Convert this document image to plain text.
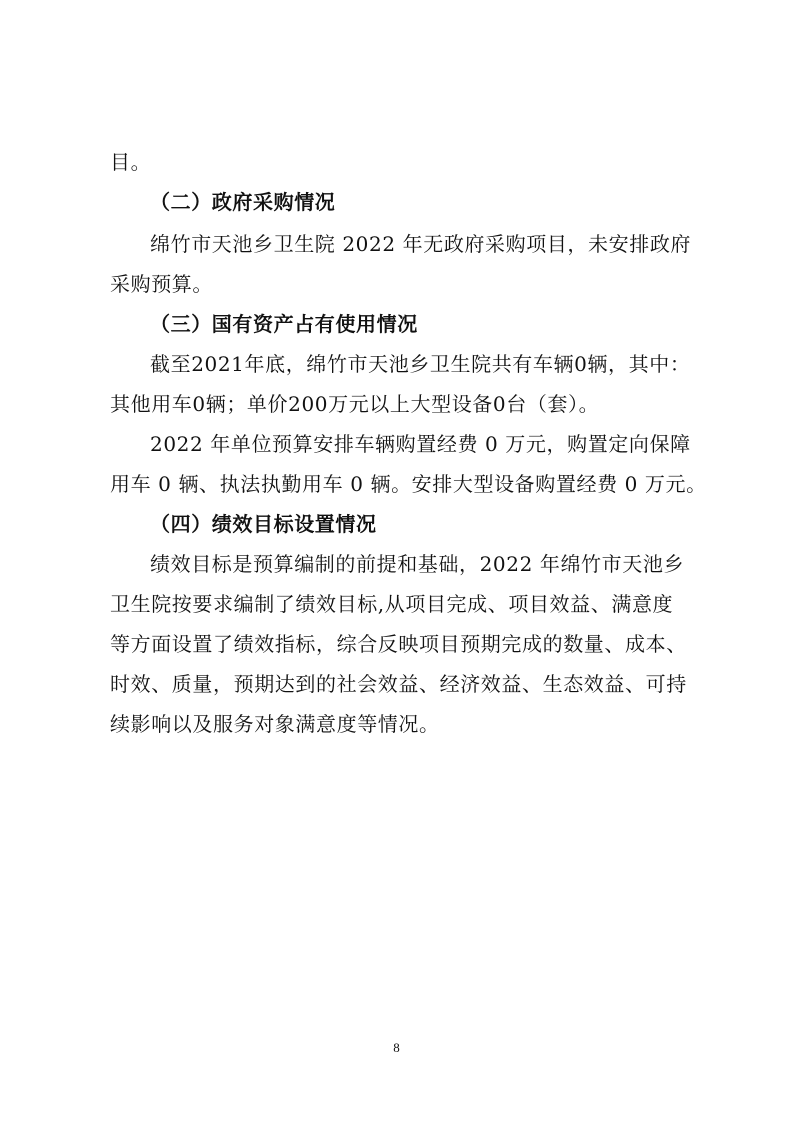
目。
（二）政府采购情况
绵竹市天池乡卫生院 2022 年无政府采购项目，未安排政府
采购预算。
（三）国有资产占有使用情况
截至2021年底，绵竹市天池乡卫生院共有车辆0辆，其中：
其他用车0辆；单价200万元以上大型设备0台（套）。
2022 年单位预算安排车辆购置经费 0 万元，购置定向保障
用车 0 辆、执法执勤用车 0 辆。安排大型设备购置经费 0 万元。
（四）绩效目标设置情况
绩效目标是预算编制的前提和基础，2022 年绵竹市天池乡
卫生院按要求编制了绩效目标,从项目完成、项目效益、满意度
等方面设置了绩效指标，综合反映项目预期完成的数量、成本、
时效、质量，预期达到的社会效益、经济效益、生态效益、可持
续影响以及服务对象满意度等情况。
8
